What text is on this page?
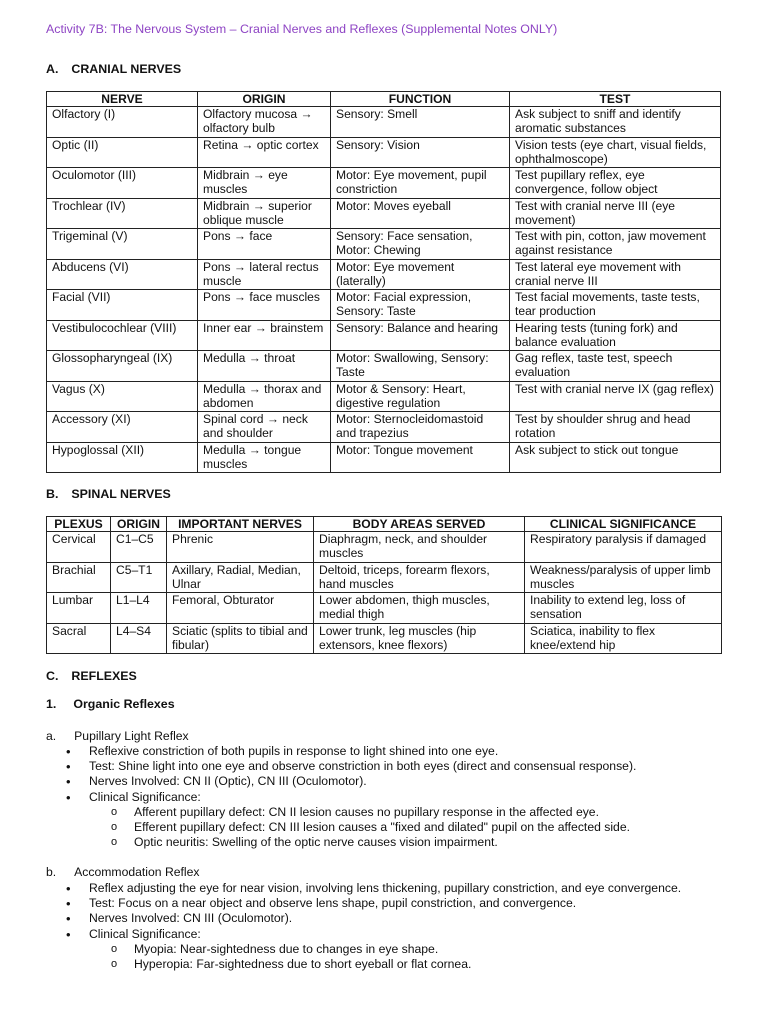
Activity 7B: The Nervous System – Cranial Nerves and Reflexes (Supplemental Notes ONLY)
A. CRANIAL NERVES
NERVE	ORIGIN	FUNCTION	TEST
Olfactory (I)	Olfactory mucosa → olfactory bulb	Sensory: Smell	Ask subject to sniff and identify aromatic substances
Optic (II)	Retina → optic cortex	Sensory: Vision	Vision tests (eye chart, visual fields, ophthalmoscope)
Oculomotor (III)	Midbrain → eye muscles	Motor: Eye movement, pupil constriction	Test pupillary reflex, eye convergence, follow object
Trochlear (IV)	Midbrain → superior oblique muscle	Motor: Moves eyeball	Test with cranial nerve III (eye movement)
Trigeminal (V)	Pons → face	Sensory: Face sensation, Motor: Chewing	Test with pin, cotton, jaw movement against resistance
Abducens (VI)	Pons → lateral rectus muscle	Motor: Eye movement (laterally)	Test lateral eye movement with cranial nerve III
Facial (VII)	Pons → face muscles	Motor: Facial expression, Sensory: Taste	Test facial movements, taste tests, tear production
Vestibulocochlear (VIII)	Inner ear → brainstem	Sensory: Balance and hearing	Hearing tests (tuning fork) and balance evaluation
Glossopharyngeal (IX)	Medulla → throat	Motor: Swallowing, Sensory: Taste	Gag reflex, taste test, speech evaluation
Vagus (X)	Medulla → thorax and abdomen	Motor & Sensory: Heart, digestive regulation	Test with cranial nerve IX (gag reflex)
Accessory (XI)	Spinal cord → neck and shoulder	Motor: Sternocleidomastoid and trapezius	Test by shoulder shrug and head rotation
Hypoglossal (XII)	Medulla → tongue muscles	Motor: Tongue movement	Ask subject to stick out tongue
B. SPINAL NERVES
PLEXUS	ORIGIN	IMPORTANT NERVES	BODY AREAS SERVED	CLINICAL SIGNIFICANCE
Cervical	C1–C5	Phrenic	Diaphragm, neck, and shoulder muscles	Respiratory paralysis if damaged
Brachial	C5–T1	Axillary, Radial, Median, Ulnar	Deltoid, triceps, forearm flexors, hand muscles	Weakness/paralysis of upper limb muscles
Lumbar	L1–L4	Femoral, Obturator	Lower abdomen, thigh muscles, medial thigh	Inability to extend leg, loss of sensation
Sacral	L4–S4	Sciatic (splits to tibial and fibular)	Lower trunk, leg muscles (hip extensors, knee flexors)	Sciatica, inability to flex knee/extend hip
C. REFLEXES
1. Organic Reflexes
a. Pupillary Light Reflex
• Reflexive constriction of both pupils in response to light shined into one eye.
• Test: Shine light into one eye and observe constriction in both eyes (direct and consensual response).
• Nerves Involved: CN II (Optic), CN III (Oculomotor).
• Clinical Significance:
o Afferent pupillary defect: CN II lesion causes no pupillary response in the affected eye.
o Efferent pupillary defect: CN III lesion causes a "fixed and dilated" pupil on the affected side.
o Optic neuritis: Swelling of the optic nerve causes vision impairment.
b. Accommodation Reflex
• Reflex adjusting the eye for near vision, involving lens thickening, pupillary constriction, and eye convergence.
• Test: Focus on a near object and observe lens shape, pupil constriction, and convergence.
• Nerves Involved: CN III (Oculomotor).
• Clinical Significance:
o Myopia: Near-sightedness due to changes in eye shape.
o Hyperopia: Far-sightedness due to short eyeball or flat cornea.
